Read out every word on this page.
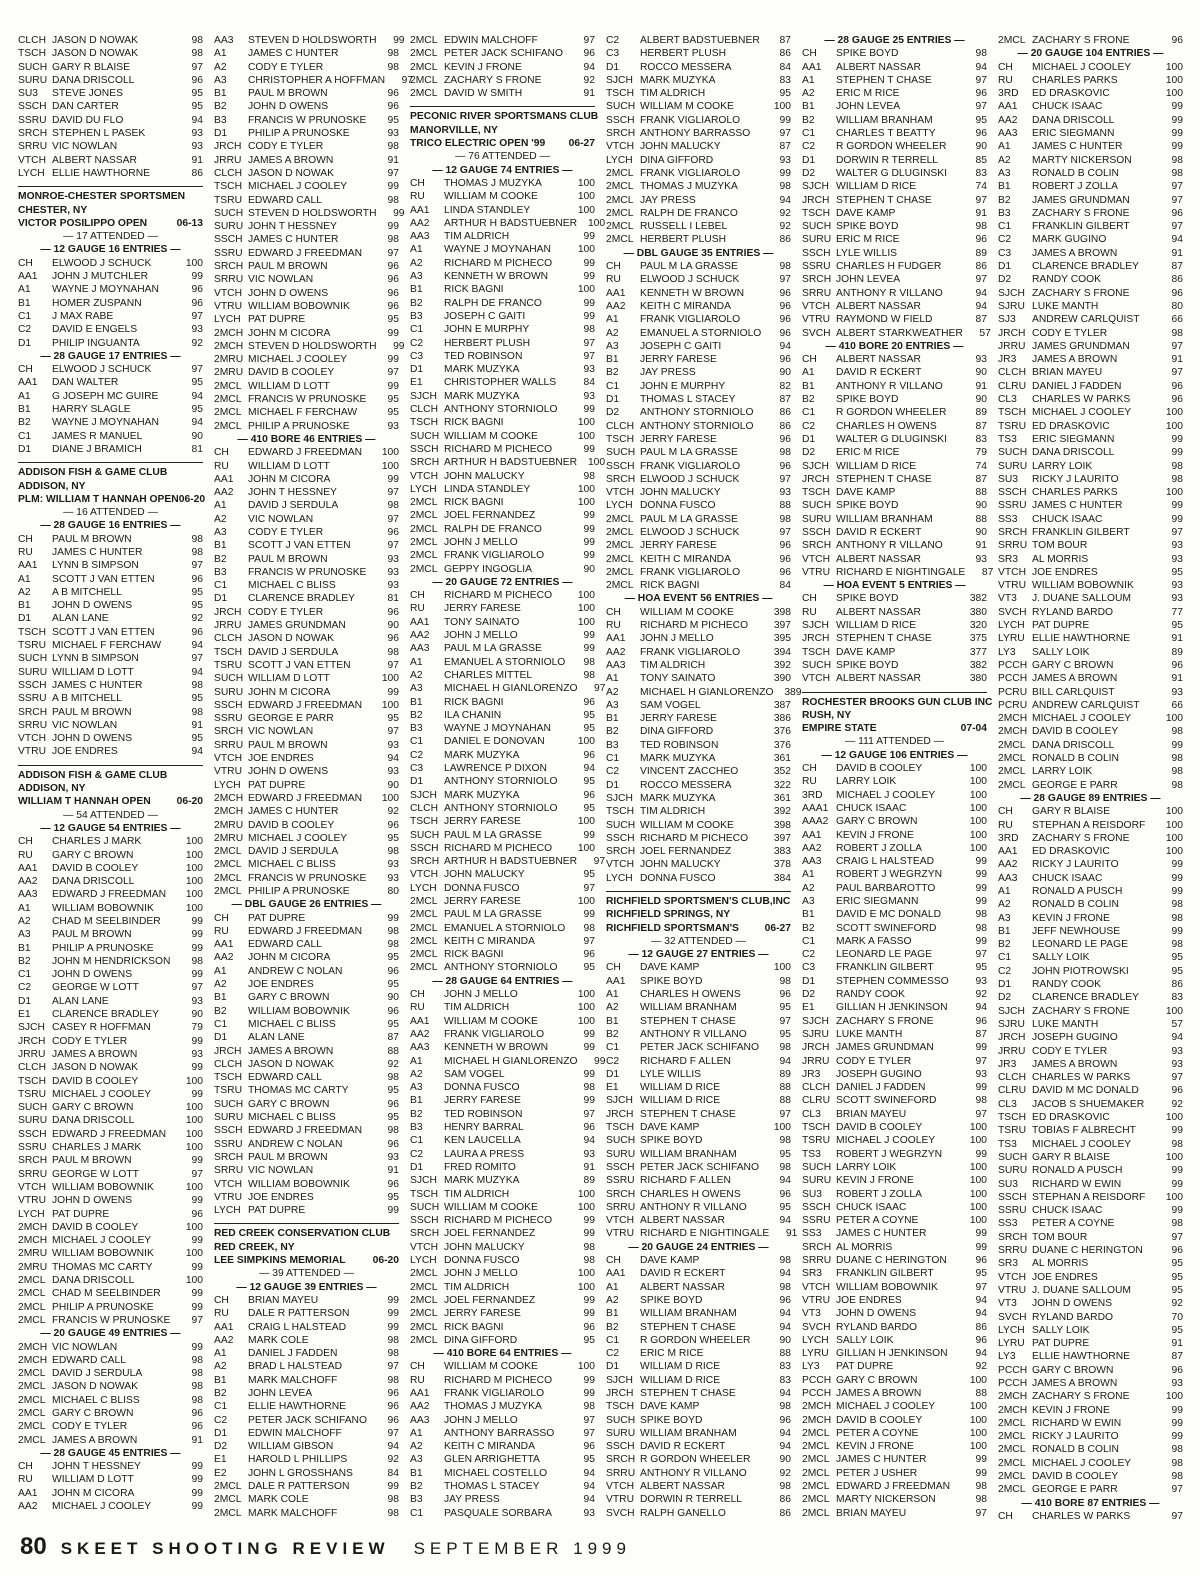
CLCH JASON D NOWAK	98
TSCH JASON D NOWAK	98
SUCH GARY R BLAISE	97
SURU DANA DRISCOLL	96
SU3	STEVE JONES	95
SSCH DAN CARTER	95
SSRU DAVID DU FLO	94
SRCH STEPHEN L PASEK	93
SRRU VIC NOWLAN	93
VTCH ALBERT NASSAR	91
LYCH ELLIE HAWTHORNE	86
MONROE-CHESTER SPORTSMEN
CHESTER, NY
VICTOR POSILIPPO OPEN	06-13
— 17 ATTENDED —
— 12 GAUGE 16 ENTRIES —
CH	ELWOOD J SCHUCK	100
AA1	JOHN J MUTCHLER	99
A1	WAYNE J MOYNAHAN	96
B1	HOMER ZUSPANN	96
C1	J MAX RABE	97
C2	DAVID E ENGELS	93
D1	PHILIP INGUANTA	92
— 28 GAUGE 17 ENTRIES —
CH	ELWOOD J SCHUCK	97
AA1	DAN WALTER	95
A1	G JOSEPH MC GUIRE	94
B1	HARRY SLAGLE	95
B2	WAYNE J MOYNAHAN	94
C1	JAMES R MANUEL	90
D1	DIANE J BRAMICH	81
ADDISON FISH & GAME CLUB
ADDISON, NY
PLM: WILLIAM T HANNAH OPEN 06-20
— 16 ATTENDED —
— 28 GAUGE 16 ENTRIES —
CH	PAUL M BROWN	98
RU	JAMES C HUNTER	98
AA1	LYNN B SIMPSON	97
A1	SCOTT J VAN ETTEN	96
A2	A B MITCHELL	95
B1	JOHN D OWENS	95
D1	ALAN LANE	92
TSCH SCOTT J VAN ETTEN	96
TSRU MICHAEL F FERCHAW	94
SUCH LYNN B SIMPSON	97
SURU WILLIAM D LOTT	94
SSCH JAMES C HUNTER	98
SSRU A B MITCHELL	95
SRCH PAUL M BROWN	98
SRRU VIC NOWLAN	91
VTCH JOHN D OWENS	95
VTRU JOE ENDRES	94
ADDISON FISH & GAME CLUB
ADDISON, NY
WILLIAM T HANNAH OPEN	06-20
— 54 ATTENDED —
— 12 GAUGE 54 ENTRIES —
CH	CHARLES J MARK	100
RU	GARY C BROWN	100
AA1	DAVID B COOLEY	100
AA2	DANA DRISCOLL	100
AA3	EDWARD J FREEDMAN	100
A1	WILLIAM BOBOWNIK	100
A2	CHAD M SEELBINDER	99
A3	PAUL M BROWN	99
B1	PHILIP A PRUNOSKE	99
B2	JOHN M HENDRICKSON	98
C1	JOHN D OWENS	99
C2	GEORGE W LOTT	97
D1	ALAN LANE	93
E1	CLARENCE BRADLEY	90
SJCH CASEY R HOFFMAN	79
JRCH CODY E TYLER	99
JRRU JAMES A BROWN	93
CLCH JASON D NOWAK	99
TSCH DAVID B COOLEY	100
TSRU MICHAEL J COOLEY	99
SUCH GARY C BROWN	100
SURU DANA DRISCOLL	100
SSCH EDWARD J FREEDMAN	100
SSRU CHARLES J MARK	100
SRCH PAUL M BROWN	99
SRRU GEORGE W LOTT	97
VTCH WILLIAM BOBOWNIK	100
VTRU JOHN D OWENS	99
LYCH PAT DUPRE	96
2MCH DAVID B COOLEY	100
2MCH MICHAEL J COOLEY	99
2MRU WILLIAM BOBOWNIK	100
2MRU THOMAS MC CARTY	99
2MCL DANA DRISCOLL	100
2MCL CHAD M SEELBINDER	99
2MCL PHILIP A PRUNOSKE	99
2MCL FRANCIS W PRUNOSKE	97
— 20 GAUGE 49 ENTRIES —
2MCH VIC NOWLAN	99
2MCH EDWARD CALL	98
2MCL DAVID J SERDULA	98
2MCL JASON D NOWAK	98
2MCL MICHAEL C BLISS	98
2MCL GARY C BROWN	96
2MCL CODY E TYLER	96
2MCL JAMES A BROWN	91
— 28 GAUGE 45 ENTRIES —
CH	JOHN T HESSNEY	99
RU	WILLIAM D LOTT	99
AA1	JOHN M CICORA	99
AA2	MICHAEL J COOLEY	99
AA3	STEVEN D HOLDSWORTH	99
A1	JAMES C HUNTER	98
A2	CODY E TYLER	98
A3	CHRISTOPHER A HOFFMAN	97
B1	PAUL M BROWN	96
B2	JOHN D OWENS	96
B3	FRANCIS W PRUNOSKE	95
D1	PHILIP A PRUNOSKE	93
JRCH CODY E TYLER	98
JRRU JAMES A BROWN	91
CLCH JASON D NOWAK	97
TSCH MICHAEL J COOLEY	99
TSRU EDWARD CALL	98
SUCH STEVEN D HOLDSWORTH	99
SURU JOHN T HESSNEY	99
SSCH JAMES C HUNTER	98
SSRU EDWARD J FREEDMAN	97
SRCH PAUL M BROWN	96
SRRU VIC NOWLAN	96
VTCH JOHN D OWENS	96
VTRU WILLIAM BOBOWNIK	96
LYCH PAT DUPRE	95
2MCH JOHN M CICORA	99
2MCH STEVEN D HOLDSWORTH	99
2MRU MICHAEL J COOLEY	99
2MRU DAVID B COOLEY	97
2MCL WILLIAM D LOTT	99
2MCL FRANCIS W PRUNOSKE	95
2MCL MICHAEL F FERCHAW	95
2MCL PHILIP A PRUNOSKE	93
— 410 BORE 46 ENTRIES —
CH	EDWARD J FREEDMAN	100
RU	WILLIAM D LOTT	100
AA1	JOHN M CICORA	99
AA2	JOHN T HESSNEY	97
A1	DAVID J SERDULA	98
A2	VIC NOWLAN	97
A3	CODY E TYLER	96
B1	SCOTT J VAN ETTEN	97
B2	PAUL M BROWN	93
B3	FRANCIS W PRUNOSKE	93
C1	MICHAEL C BLISS	93
D1	CLARENCE BRADLEY	81
JRCH CODY E TYLER	96
JRRU JAMES GRUNDMAN	90
CLCH JASON D NOWAK	96
TSCH DAVID J SERDULA	98
TSRU SCOTT J VAN ETTEN	97
SUCH WILLIAM D LOTT	100
SURU JOHN M CICORA	99
SSCH EDWARD J FREEDMAN	100
SSRU GEORGE E PARR	95
SRCH VIC NOWLAN	97
SRRU PAUL M BROWN	93
VTCH JOE ENDRES	94
VTRU JOHN D OWENS	93
LYCH PAT DUPRE	90
2MCH EDWARD J FREEDMAN	100
2MCH JAMES C HUNTER	92
2MRU DAVID B COOLEY	96
2MRU MICHAEL J COOLEY	95
2MCL DAVID J SERDULA	98
2MCL MICHAEL C BLISS	93
2MCL FRANCIS W PRUNOSKE	93
2MCL PHILIP A PRUNOSKE	80
— DBL GAUGE 26 ENTRIES —
CH	PAT DUPRE	99
RU	EDWARD J FREEDMAN	98
AA1	EDWARD CALL	98
AA2	JOHN M CICORA	95
A1	ANDREW C NOLAN	96
A2	JOE ENDRES	95
B1	GARY C BROWN	90
B2	WILLIAM BOBOWNIK	96
C1	MICHAEL C BLISS	95
D1	ALAN LANE	87
JRCH JAMES A BROWN	88
CLCH JASON D NOWAK	92
TSCH EDWARD CALL	98
TSRU THOMAS MC CARTY	95
SUCH GARY C BROWN	96
SURU MICHAEL C BLISS	95
SSCH EDWARD J FREEDMAN	98
SSRU ANDREW C NOLAN	96
SRCH PAUL M BROWN	93
SRRU VIC NOWLAN	91
VTCH WILLIAM BOBOWNIK	96
VTRU JOE ENDRES	95
LYCH PAT DUPRE	99
RED CREEK CONSERVATION CLUB
RED CREEK, NY
LEE SIMPKINS MEMORIAL	06-20
— 39 ATTENDED —
— 12 GAUGE 39 ENTRIES —
CH	BRIAN MAYEU	99
RU	DALE R PATTERSON	99
AA1	CRAIG L HALSTEAD	99
AA2	MARK COLE	98
A1	DANIEL J FADDEN	98
A2	BRAD L HALSTEAD	97
B1	MARK MALCHOFF	98
B2	JOHN LEVEA	96
C1	ELLIE HAWTHORNE	96
C2	PETER JACK SCHIFANO	96
D1	EDWIN MALCHOFF	97
D2	WILLIAM GIBSON	94
E1	HAROLD L PHILLIPS	92
E2	JOHN L GROSSHANS	84
2MCL DALE R PATTERSON	99
2MCL MARK COLE	98
2MCL MARK MALCHOFF	98
2MCL EDWIN MALCHOFF	97
2MCL PETER JACK SCHIFANO	96
2MCL KEVIN J FRONE	94
2MCL ZACHARY S FRONE	92
2MCL DAVID W SMITH	91
PECONIC RIVER SPORTSMANS CLUB
MANORVILLE, NY
TRICO ELECTRIC OPEN '99 06-27
— 76 ATTENDED —
— 12 GAUGE 74 ENTRIES —
CH	THOMAS J MUZYKA	100
RU	WILLIAM M COOKE	100
AA1	LINDA STANDLEY	100
AA2	ARTHUR H BADSTUEBNER	100
AA3	TIM ALDRICH	99
A1	WAYNE J MOYNAHAN	100
A2	RICHARD M PICHECO	99
A3	KENNETH W BROWN	99
B1	RICK BAGNI	100
B2	RALPH DE FRANCO	99
B3	JOSEPH C GAITI	99
C1	JOHN E MURPHY	98
C2	HERBERT PLUSH	97
C3	TED ROBINSON	97
D1	MARK MUZYKA	93
E1	CHRISTOPHER WALLS	84
SJCH MARK MUZYKA	93
CLCH ANTHONY STORNIOLO	99
TSCH RICK BAGNI	100
SUCH WILLIAM M COOKE	100
SSCH RICHARD M PICHECO	99
SRCH ARTHUR H BADSTUEBNER	100
VTCH JOHN MALUCKY	98
LYCH LINDA STANDLEY	100
2MCL RICK BAGNI	100
2MCL JOEL FERNANDEZ	99
2MCL RALPH DE FRANCO	99
2MCL JOHN J MELLO	99
2MCL FRANK VIGLIAROLO	99
2MCL GEPPY INGOGLIA	90
— 20 GAUGE 72 ENTRIES —
CH	RICHARD M PICHECO	100
RU	JERRY FARESE	100
AA1	TONY SAINATO	100
AA2	JOHN J MELLO	99
AA3	PAUL M LA GRASSE	99
A1	EMANUEL A STORNIOLO	98
A2	CHARLES MITTEL	98
A3	MICHAEL H GIANLORENZO	97
B1	RICK BAGNI	96
B2	ILA CHANIN	95
B3	WAYNE J MOYNAHAN	95
C1	DANIEL E DONOVAN	100
C2	MARK MUZYKA	96
C3	LAWRENCE P DIXON	94
D1	ANTHONY STORNIOLO	95
SJCH MARK MUZYKA	96
CLCH ANTHONY STORNIOLO	95
TSCH JERRY FARESE	100
SUCH PAUL M LA GRASSE	99
SSCH RICHARD M PICHECO	100
SRCH ARTHUR H BADSTUEBNER	97
VTCH JOHN MALUCKY	95
LYCH DONNA FUSCO	97
2MCL JERRY FARESE	100
2MCL PAUL M LA GRASSE	99
2MCL EMANUEL A STORNIOLO	98
2MCL KEITH C MIRANDA	97
2MCL RICK BAGNI	96
2MCL ANTHONY STORNIOLO	95
— 28 GAUGE 64 ENTRIES —
CH	JOHN J MELLO	100
RU	TIM ALDRICH	100
AA1	WILLIAM M COOKE	100
AA2	FRANK VIGLIAROLO	99
AA3	KENNETH W BROWN	99
A1	MICHAEL H GIANLORENZO	99
A2	SAM VOGEL	99
A3	DONNA FUSCO	98
B1	JERRY FARESE	99
B2	TED ROBINSON	97
B3	HENRY BARRAL	96
C1	KEN LAUCELLA	94
C2	LAURA A PRESS	93
D1	FRED ROMITO	91
SJCH MARK MUZYKA	89
TSCH TIM ALDRICH	100
SUCH WILLIAM M COOKE	100
SSCH RICHARD M PICHECO	99
SRCH JOEL FERNANDEZ	99
VTCH JOHN MALUCKY	98
LYCH DONNA FUSCO	98
2MCL JOHN J MELLO	100
2MCL TIM ALDRICH	100
2MCL JOEL FERNANDEZ	99
2MCL JERRY FARESE	99
2MCL RICK BAGNI	96
2MCL DINA GIFFORD	95
— 410 BORE 64 ENTRIES —
CH	WILLIAM M COOKE	100
RU	RICHARD M PICHECO	99
AA1	FRANK VIGLIAROLO	99
AA2	THOMAS J MUZYKA	98
AA3	JOHN J MELLO	97
A1	ANTHONY BARRASSO	97
A2	KEITH C MIRANDA	96
A3	GLEN ARRIGHETTA	95
B1	MICHAEL COSTELLO	94
B2	THOMAS L STACEY	94
B3	JAY PRESS	94
C1	PASQUALE SORBARA	93
C2	ALBERT BADSTUEBNER	87
C3	HERBERT PLUSH	86
D1	ROCCO MESSERA	84
SJCH MARK MUZYKA	83
TSCH TIM ALDRICH	95
SUCH WILLIAM M COOKE	100
SSCH FRANK VIGLIAROLO	99
SRCH ANTHONY BARRASSO	97
VTCH JOHN MALUCKY	87
LYCH DINA GIFFORD	93
2MCL FRANK VIGLIAROLO	99
2MCL THOMAS J MUZYKA	98
2MCL JAY PRESS	94
2MCL RALPH DE FRANCO	92
2MCL RUSSELL I LEBEL	92
2MCL HERBERT PLUSH	86
— DBL GAUGE 35 ENTRIES —
CH	PAUL M LA GRASSE	98
RU	ELWOOD J SCHUCK	97
AA1	KENNETH W BROWN	96
AA2	KEITH C MIRANDA	96
A1	FRANK VIGLIAROLO	96
A2	EMANUEL A STORNIOLO	96
A3	JOSEPH C GAITI	94
B1	JERRY FARESE	96
B2	JAY PRESS	90
C1	JOHN E MURPHY	82
D1	THOMAS L STACEY	87
D2	ANTHONY STORNIOLO	86
CLCH ANTHONY STORNIOLO	86
TSCH JERRY FARESE	96
SUCH PAUL M LA GRASSE	98
SSCH FRANK VIGLIAROLO	96
SRCH ELWOOD J SCHUCK	97
VTCH JOHN MALUCKY	93
LYCH DONNA FUSCO	88
2MCL PAUL M LA GRASSE	98
2MCL ELWOOD J SCHUCK	97
2MCL JERRY FARESE	96
2MCL KEITH C MIRANDA	96
2MCL FRANK VIGLIAROLO	96
2MCL RICK BAGNI	84
— HOA EVENT 56 ENTRIES —
CH	WILLIAM M COOKE	398
RU	RICHARD M PICHECO	397
AA1	JOHN J MELLO	395
AA2	FRANK VIGLIAROLO	394
AA3	TIM ALDRICH	392
A1	TONY SAINATO	390
A2	MICHAEL H GIANLORENZO	389
A3	SAM VOGEL	387
B1	JERRY FARESE	386
B2	DINA GIFFORD	376
B3	TED ROBINSON	376
C1	MARK MUZYKA	361
C2	VINCENT ZACCHEO	352
D1	ROCCO MESSERA	322
SJCH MARK MUZYKA	361
TSCH TIM ALDRICH	392
SUCH WILLIAM M COOKE	398
SSCH RICHARD M PICHECO	397
SRCH JOEL FERNANDEZ	383
VTCH JOHN MALUCKY	378
LYCH DONNA FUSCO	384
RICHFIELD SPORTSMEN'S CLUB,INC
RICHFIELD SPRINGS, NY
RICHFIELD SPORTSMAN'S	06-27
— 32 ATTENDED —
— 12 GAUGE 27 ENTRIES —
CH	DAVE KAMP	100
AA1	SPIKE BOYD	98
A1	CHARLES H OWENS	96
A2	WILLIAM BRANHAM	95
B1	STEPHEN T CHASE	97
B2	ANTHONY R VILLANO	95
C1	PETER JACK SCHIFANO	98
C2	RICHARD F ALLEN	94
D1	LYLE WILLIS	89
E1	WILLIAM D RICE	88
SJCH WILLIAM D RICE	88
JRCH STEPHEN T CHASE	97
TSCH DAVE KAMP	100
SUCH SPIKE BOYD	98
SURU WILLIAM BRANHAM	95
SSCH PETER JACK SCHIFANO	98
SSRU RICHARD F ALLEN	94
SRCH CHARLES H OWENS	96
SRRU ANTHONY R VILLANO	95
VTCH ALBERT NASSAR	94
VTRU RICHARD E NIGHTINGALE	91
— 20 GAUGE 24 ENTRIES —
CH	DAVE KAMP	98
AA1	DAVID R ECKERT	94
A1	ALBERT NASSAR	98
A2	SPIKE BOYD	96
B1	WILLIAM BRANHAM	94
B2	STEPHEN T CHASE	94
C1	R GORDON WHEELER	90
C2	ERIC M RICE	88
D1	WILLIAM D RICE	83
SJCH WILLIAM D RICE	83
JRCH STEPHEN T CHASE	94
TSCH DAVE KAMP	98
SUCH SPIKE BOYD	96
SURU WILLIAM BRANHAM	94
SSCH DAVID R ECKERT	94
SRCH R GORDON WHEELER	90
SRRU ANTHONY R VILLANO	92
VTCH ALBERT NASSAR	98
VTRU DORWIN R TERRELL	86
SVCH RALPH GANELLO	86
— 28 GAUGE 25 ENTRIES —
CH	SPIKE BOYD	98
AA1	ALBERT NASSAR	94
A1	STEPHEN T CHASE	97
A2	ERIC M RICE	96
B1	JOHN LEVEA	97
B2	WILLIAM BRANHAM	95
C1	CHARLES T BEATTY	96
C2	R GORDON WHEELER	90
D1	DORWIN R TERRELL	85
D2	WALTER G DLUGINSKI	83
SJCH WILLIAM D RICE	74
JRCH STEPHEN T CHASE	97
TSCH DAVE KAMP	91
SUCH SPIKE BOYD	98
SURU ERIC M RICE	96
SSCH LYLE WILLIS	89
SSRU CHARLES H FUDGER	86
SRCH JOHN LEVEA	97
SRRU ANTHONY R VILLANO	94
VTCH ALBERT NASSAR	94
VTRU RAYMOND W FIELD	87
SVCH ALBERT STARKWEATHER	57
— 410 BORE 20 ENTRIES —
CH	ALBERT NASSAR	93
A1	DAVID R ECKERT	90
B1	ANTHONY R VILLANO	91
B2	SPIKE BOYD	90
C1	R GORDON WHEELER	89
C2	CHARLES H OWENS	87
D1	WALTER G DLUGINSKI	83
D2	ERIC M RICE	79
SJCH WILLIAM D RICE	74
JRCH STEPHEN T CHASE	87
TSCH DAVE KAMP	88
SUCH SPIKE BOYD	90
SURU WILLIAM BRANHAM	88
SSCH DAVID R ECKERT	90
SRCH ANTHONY R VILLANO	91
VTCH ALBERT NASSAR	93
VTRU RICHARD E NIGHTINGALE	87
— HOA EVENT 5 ENTRIES —
CH	SPIKE BOYD	382
RU	ALBERT NASSAR	380
SJCH WILLIAM D RICE	320
JRCH STEPHEN T CHASE	375
TSCH DAVE KAMP	377
SUCH SPIKE BOYD	382
VTCH ALBERT NASSAR	380
ROCHESTER BROOKS GUN CLUB INC
RUSH, NY
EMPIRE STATE	07-04
— 111 ATTENDED —
— 12 GAUGE 106 ENTRIES —
CH	DAVID B COOLEY	100
RU	LARRY LOIK	100
3RD	MICHAEL J COOLEY	100
AAA1 CHUCK ISAAC	100
AAA2 GARY C BROWN	100
AA1	KEVIN J FRONE	100
AA2	ROBERT J ZOLLA	100
AA3	CRAIG L HALSTEAD	99
A1	ROBERT J WEGRZYN	99
A2	PAUL BARBAROTTO	99
A3	ERIC SIEGMANN	99
B1	DAVID E MC DONALD	98
B2	SCOTT SWINEFORD	98
C1	MARK A FASSO	99
C2	LEONARD LE PAGE	97
C3	FRANKLIN GILBERT	95
D1	STEPHEN COMMESSO	93
D2	RANDY COOK	92
E1	GILLIAN H JENKINSON	94
SJCH ZACHARY S FRONE	96
SJRU LUKE MANTH	87
JRCH JAMES GRUNDMAN	99
JRRU CODY E TYLER	97
JR3	JOSEPH GUGINO	93
CLCH DANIEL J FADDEN	99
CLRU SCOTT SWINEFORD	98
CL3	BRIAN MAYEU	97
TSCH DAVID B COOLEY	100
TSRU MICHAEL J COOLEY	100
TS3	ROBERT J WEGRZYN	99
SUCH LARRY LOIK	100
SURU KEVIN J FRONE	100
SU3	ROBERT J ZOLLA	100
SSCH CHUCK ISAAC	100
SSRU PETER A COYNE	100
SS3	JAMES C HUNTER	99
SRCH AL MORRIS	99
SRRU DUANE C HERINGTON	96
SR3	FRANKLIN GILBERT	95
VTCH WILLIAM BOBOWNIK	97
VTRU JOE ENDRES	94
VT3	JOHN D OWENS	94
SVCH RYLAND BARDO	86
LYCH SALLY LOIK	96
LYRU GILLIAN H JENKINSON	94
LY3	PAT DUPRE	92
PCCH GARY C BROWN	100
PCCH JAMES A BROWN	88
2MCH MICHAEL J COOLEY	100
2MCH DAVID B COOLEY	100
2MCL PETER A COYNE	100
2MCL KEVIN J FRONE	100
2MCL JAMES C HUNTER	99
2MCL PETER J USHER	99
2MCL EDWARD J FREEDMAN	98
2MCL MARTY NICKERSON	98
2MCL BRIAN MAYEU	97
2MCL ZACHARY S FRONE	96
— 20 GAUGE 104 ENTRIES —
CH	MICHAEL J COOLEY	100
RU	CHARLES PARKS	100
3RD	ED DRASKOVIC	100
AA1	CHUCK ISAAC	99
AA2	DANA DRISCOLL	99
AA3	ERIC SIEGMANN	99
A1	JAMES C HUNTER	99
A2	MARTY NICKERSON	98
A3	RONALD B COLIN	98
B1	ROBERT J ZOLLA	97
B2	JAMES GRUNDMAN	97
B3	ZACHARY S FRONE	96
C1	FRANKLIN GILBERT	97
C2	MARK GUGINO	94
C3	JAMES A BROWN	91
D1	CLARENCE BRADLEY	87
D2	RANDY COOK	86
SJCH ZACHARY S FRONE	96
SJRU LUKE MANTH	80
SJ3	ANDREW CARLQUIST	66
JRCH CODY E TYLER	98
JRRU JAMES GRUNDMAN	97
JR3	JAMES A BROWN	91
CLCH BRIAN MAYEU	97
CLRU DANIEL J FADDEN	96
CL3	CHARLES W PARKS	96
TSCH MICHAEL J COOLEY	100
TSRU ED DRASKOVIC	100
TS3	ERIC SIEGMANN	99
SUCH DANA DRISCOLL	99
SURU LARRY LOIK	98
SU3	RICKY J LAURITO	98
SSCH CHARLES PARKS	100
SSRU JAMES C HUNTER	99
SS3	CHUCK ISAAC	99
SRCH FRANKLIN GILBERT	97
SRRU TOM BOUR	93
SR3	AL MORRIS	93
VTCH JOE ENDRES	95
VTRU WILLIAM BOBOWNIK	93
VT3	J. DUANE SALLOUM	93
SVCH RYLAND BARDO	77
LYCH PAT DUPRE	95
LYRU ELLIE HAWTHORNE	91
LY3	SALLY LOIK	89
PCCH GARY C BROWN	96
PCCH JAMES A BROWN	91
PCRU BILL CARLQUIST	93
PCRU ANDREW CARLQUIST	66
2MCH MICHAEL J COOLEY	100
2MCH DAVID B COOLEY	98
2MCL DANA DRISCOLL	99
2MCL RONALD B COLIN	98
2MCL LARRY LOIK	98
2MCL GEORGE E PARR	98
— 28 GAUGE 89 ENTRIES —
CH	GARY R BLAISE	100
RU	STEPHAN A REISDORF	100
3RD	ZACHARY S FRONE	100
AA1	ED DRASKOVIC	100
AA2	RICKY J LAURITO	99
AA3	CHUCK ISAAC	99
A1	RONALD A PUSCH	99
A2	RONALD B COLIN	98
A3	KEVIN J FRONE	98
B1	JEFF NEWHOUSE	99
B2	LEONARD LE PAGE	98
C1	SALLY LOIK	95
C2	JOHN PIOTROWSKI	95
D1	RANDY COOK	86
D2	CLARENCE BRADLEY	83
SJCH ZACHARY S FRONE	100
SJRU LUKE MANTH	57
JRCH JOSEPH GUGINO	94
JRRU CODY E TYLER	93
JR3	JAMES A BROWN	93
CLCH CHARLES W PARKS	97
CLRU DAVID M MC DONALD	96
CL3	JACOB S SHUEMAKER	92
TSCH ED DRASKOVIC	100
TSRU TOBIAS F ALBRECHT	99
TS3	MICHAEL J COOLEY	98
SUCH GARY R BLAISE	100
SURU RONALD A PUSCH	99
SU3	RICHARD W EWIN	99
SSCH STEPHAN A REISDORF	100
SSRU CHUCK ISAAC	99
SS3	PETER A COYNE	98
SRCH TOM BOUR	97
SRRU DUANE C HERINGTON	96
SR3	AL MORRIS	95
VTCH JOE ENDRES	95
VTRU J. DUANE SALLOUM	95
VT3	JOHN D OWENS	92
SVCH RYLAND BARDO	70
LYCH SALLY LOIK	95
LYRU PAT DUPRE	91
LY3	ELLIE HAWTHORNE	87
PCCH GARY C BROWN	96
PCCH JAMES A BROWN	93
2MCH ZACHARY S FRONE	100
2MCH KEVIN J FRONE	99
2MCL RICHARD W EWIN	99
2MCL RICKY J LAURITO	99
2MCL RONALD B COLIN	98
2MCL MICHAEL J COOLEY	98
2MCL DAVID B COOLEY	98
2MCL GEORGE E PARR	97
— 410 BORE 87 ENTRIES —
CH	CHARLES W PARKS	97
80 SKEET SHOOTING REVIEW SEPTEMBER 1999
